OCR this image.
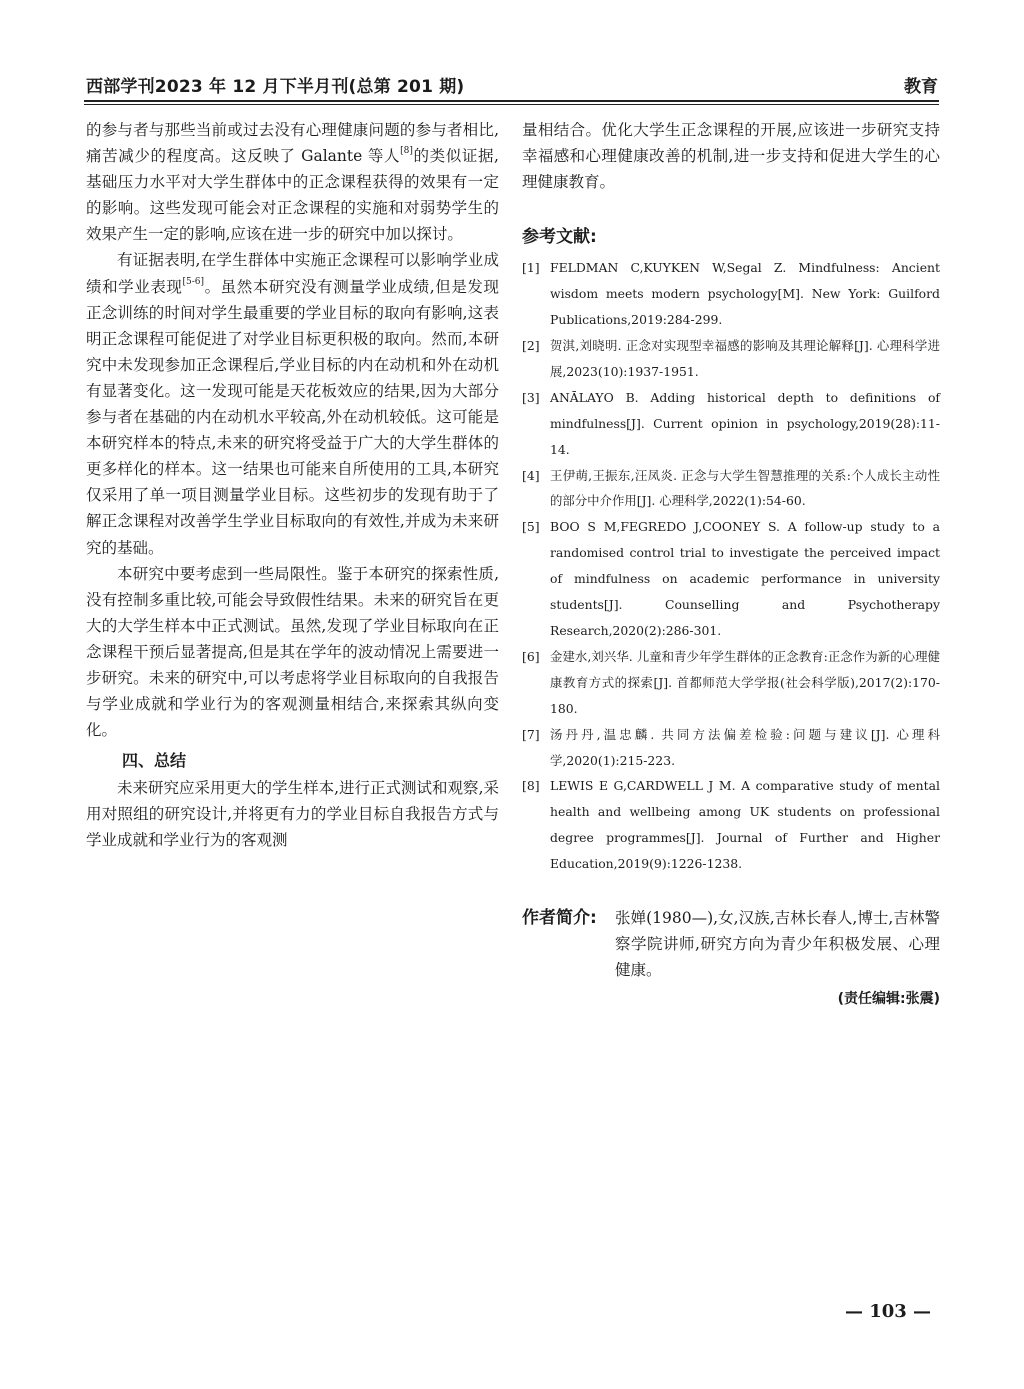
西部学刊2023 年 12 月下半月刊(总第 201 期)	教育

的参与者与那些当前或过去没有心理健康问题的参与者相比,痛苦减少的程度高。这反映了 Galante 等人[8]的类似证据,基础压力水平对大学生群体中的正念课程获得的效果有一定的影响。这些发现可能会对正念课程的实施和对弱势学生的效果产生一定的影响,应该在进一步的研究中加以探讨。

有证据表明,在学生群体中实施正念课程可以影响学业成绩和学业表现[5-6]。虽然本研究没有测量学业成绩,但是发现正念训练的时间对学生最重要的学业目标的取向有影响,这表明正念课程可能促进了对学业目标更积极的取向。然而,本研究中未发现参加正念课程后,学业目标的内在动机和外在动机有显著变化。这一发现可能是天花板效应的结果,因为大部分参与者在基础的内在动机水平较高,外在动机较低。这可能是本研究样本的特点,未来的研究将受益于广大的大学生群体的更多样化的样本。这一结果也可能来自所使用的工具,本研究仅采用了单一项目测量学业目标。这些初步的发现有助于了解正念课程对改善学生学业目标取向的有效性,并成为未来研究的基础。

本研究中要考虑到一些局限性。鉴于本研究的探索性质,没有控制多重比较,可能会导致假性结果。未来的研究旨在更大的大学生样本中正式测试。虽然,发现了学业目标取向在正念课程干预后显著提高,但是其在学年的波动情况上需要进一步研究。未来的研究中,可以考虑将学业目标取向的自我报告与学业成就和学业行为的客观测量相结合,来探索其纵向变化。

四、总结

未来研究应采用更大的学生样本,进行正式测试和观察,采用对照组的研究设计,并将更有力的学业目标自我报告方式与学业成就和学业行为的客观测

量相结合。优化大学生正念课程的开展,应该进一步研究支持幸福感和心理健康改善的机制,进一步支持和促进大学生的心理健康教育。

参考文献:
[1] FELDMAN C,KUYKEN W,Segal Z. Mindfulness: Ancient wisdom meets modern psychology[M]. New York: Guilford Publications,2019:284-299.
[2] 贺淇,刘晓明. 正念对实现型幸福感的影响及其理论解释[J]. 心理科学进展,2023(10):1937-1951.
[3] ANĀLAYO B. Adding historical depth to definitions of mindfulness[J]. Current opinion in psychology,2019(28):11-14.
[4] 王伊萌,王振东,汪凤炎. 正念与大学生智慧推理的关系:个人成长主动性的部分中介作用[J]. 心理科学,2022(1):54-60.
[5] BOO S M,FEGREDO J,COONEY S. A follow-up study to a randomised control trial to investigate the perceived impact of mindfulness on academic performance in university students[J]. Counselling and Psychotherapy Research,2020(2):286-301.
[6] 金建水,刘兴华. 儿童和青少年学生群体的正念教育:正念作为新的心理健康教育方式的探索[J]. 首都师范大学学报(社会科学版),2017(2):170-180.
[7] 汤丹丹,温忠麟. 共同方法偏差检验:问题与建议[J]. 心理科学,2020(1):215-223.
[8] LEWIS E G,CARDWELL J M. A comparative study of mental health and wellbeing among UK students on professional degree programmes[J]. Journal of Further and Higher Education,2019(9):1226-1238.
作者简介:	张婵(1980—),女,汉族,吉林长春人,博士,吉林警察学院讲师,研究方向为青少年积极发展、心理健康。
(责任编辑:张震)
— 103 —
